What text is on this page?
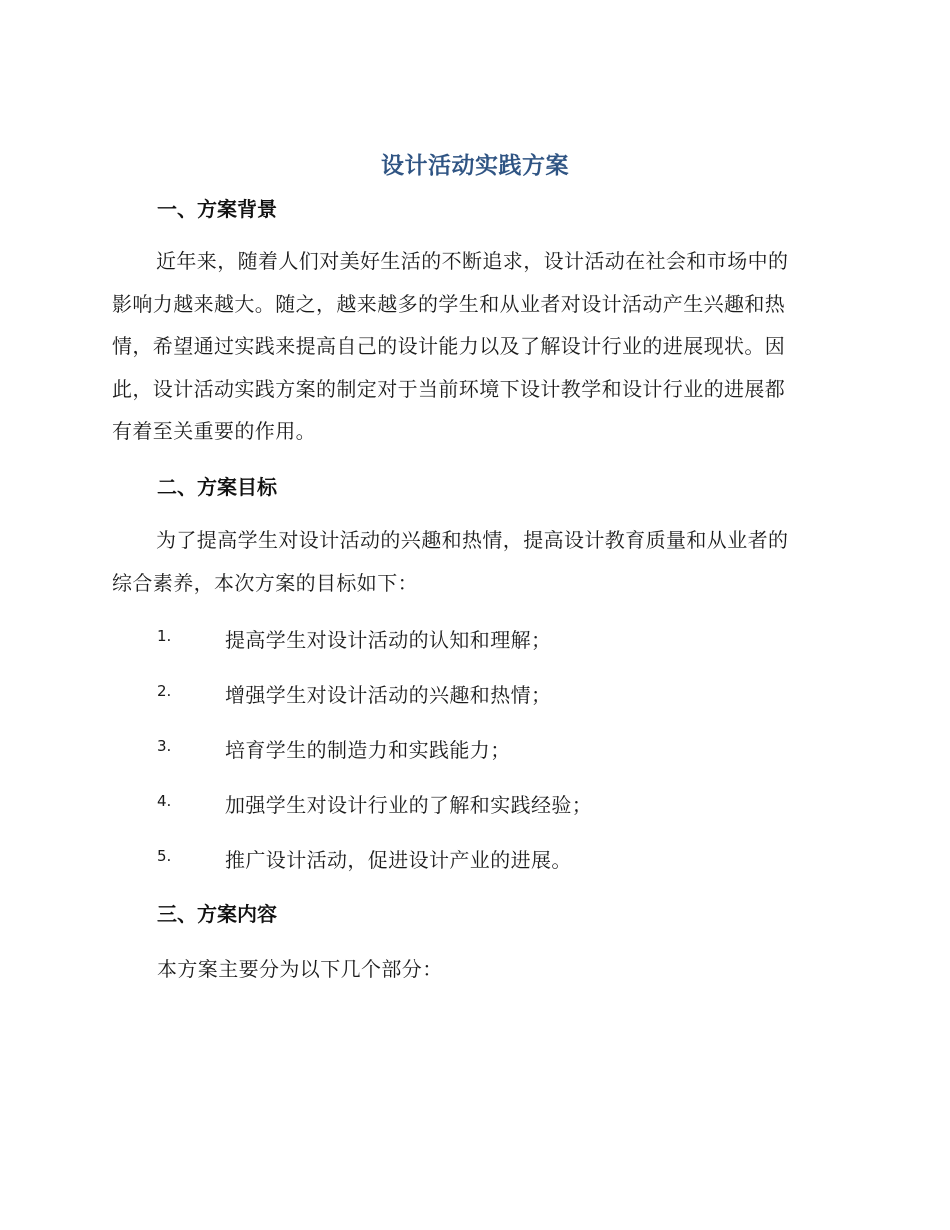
设计活动实践方案
一、方案背景

近年来，随着人们对美好生活的不断追求，设计活动在社会和市场中的
影响力越来越大。随之，越来越多的学生和从业者对设计活动产生兴趣和热
情，希望通过实践来提高自己的设计能力以及了解设计行业的进展现状。因
此，设计活动实践方案的制定对于当前环境下设计教学和设计行业的进展都
有着至关重要的作用。

二、方案目标

为了提高学生对设计活动的兴趣和热情，提高设计教育质量和从业者的
综合素养，本次方案的目标如下：

1.	提高学生对设计活动的认知和理解；
2.	增强学生对设计活动的兴趣和热情；
3.	培育学生的制造力和实践能力；
4.	加强学生对设计行业的了解和实践经验；
5.	推广设计活动，促进设计产业的进展。
三、方案内容

本方案主要分为以下几个部分：
